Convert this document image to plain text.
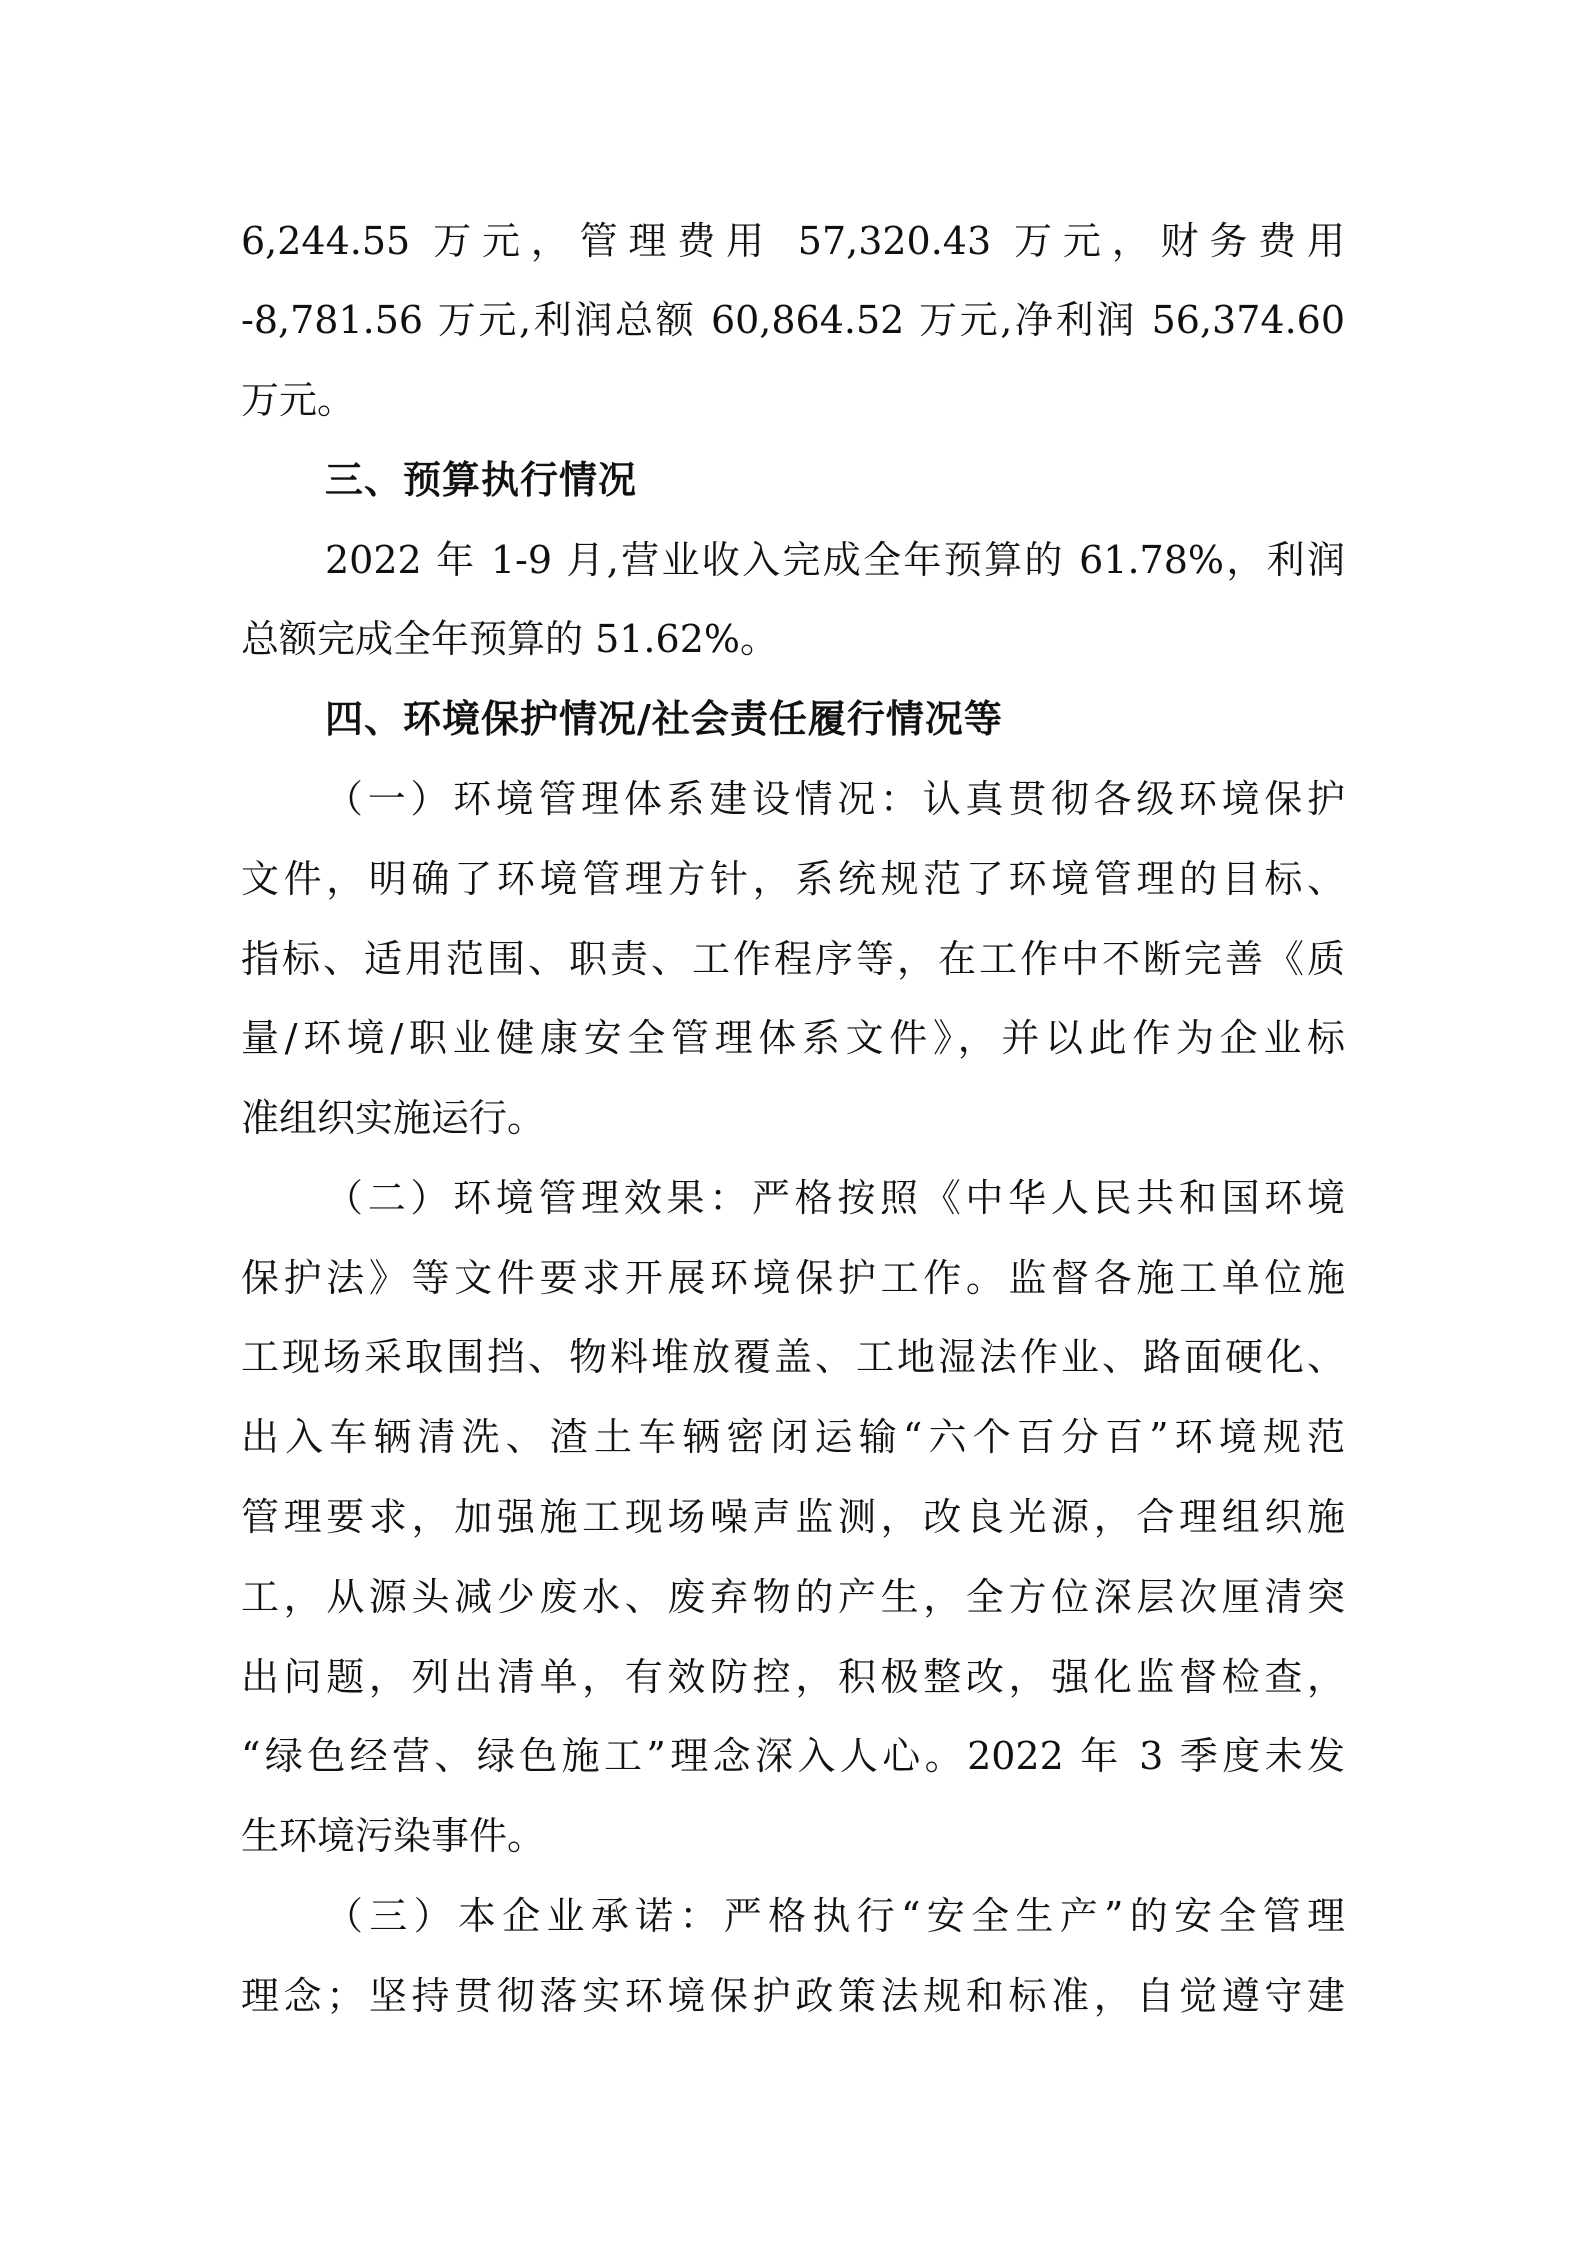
6,244.55 万元，管理费用 57,320.43 万元，财务费用
-8,781.56 万元,利润总额 60,864.52 万元,净利润 56,374.60
万元。
三、预算执行情况
2022 年 1-9 月,营业收入完成全年预算的 61.78%，利润
总额完成全年预算的 51.62%。
四、环境保护情况/社会责任履行情况等
（一）环境管理体系建设情况：认真贯彻各级环境保护
文件，明确了环境管理方针，系统规范了环境管理的目标、
指标、适用范围、职责、工作程序等，在工作中不断完善《质
量/环境/职业健康安全管理体系文件》，并以此作为企业标
准组织实施运行。
（二）环境管理效果：严格按照《中华人民共和国环境
保护法》等文件要求开展环境保护工作。监督各施工单位施
工现场采取围挡、物料堆放覆盖、工地湿法作业、路面硬化、
出入车辆清洗、渣土车辆密闭运输“六个百分百”环境规范
管理要求，加强施工现场噪声监测，改良光源，合理组织施
工，从源头减少废水、废弃物的产生，全方位深层次厘清突
出问题，列出清单，有效防控，积极整改，强化监督检查，
“绿色经营、绿色施工”理念深入人心。2022 年 3 季度未发
生环境污染事件。
（三）本企业承诺：严格执行“安全生产”的安全管理
理念；坚持贯彻落实环境保护政策法规和标准，自觉遵守建
